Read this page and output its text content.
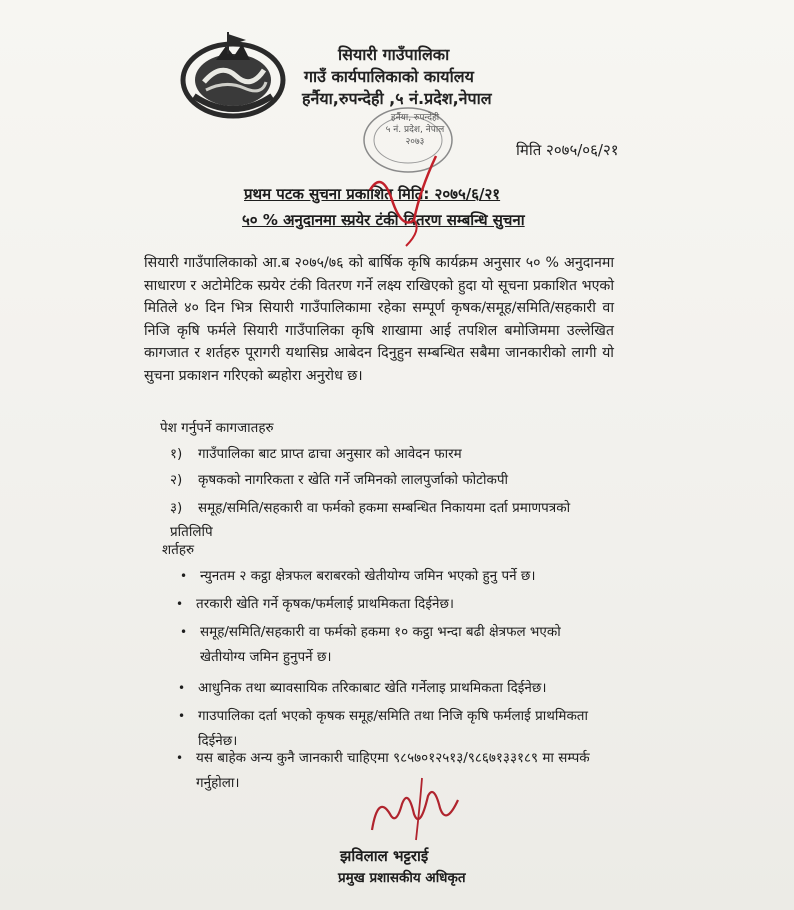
सियारी गाउँपालिका
गाउँ कार्यपालिकाको कार्यालय
हर्नैया,रुपन्देही ,५ नं.प्रदेश,नेपाल
हर्नैया, रुपन्देही
५ नं. प्रदेश, नेपाल
२०७३	मिति २०७५/०६/२१
प्रथम पटक सुचना प्रकाशित मिति: २०७५/६/२१
५० % अनुदानमा स्प्रयेर टंकी वितरण सम्बन्धि सुचना
सियारी गाउँपालिकाको आ.ब २०७५/७६ को बार्षिक कृषि कार्यक्रम अनुसार ५० % अनुदानमा साधारण र अटोमेटिक स्प्रयेर टंकी वितरण गर्ने लक्ष्य राखिएको हुदा यो सूचना प्रकाशित भएको मितिले ४० दिन भित्र सियारी गाउँपालिकामा रहेका सम्पूर्ण कृषक/समूह/समिति/सहकारी वा निजि कृषि फर्मले सियारी गाउँपालिका कृषि शाखामा आई तपशिल बमोजिममा उल्लेखित कागजात र शर्तहरु पूरागरी यथासिघ्र आबेदन दिनुहुन सम्बन्धित सबैमा जानकारीको लागी यो सुचना प्रकाशन गरिएको ब्यहोरा अनुरोध छ।
पेश गर्नुपर्ने कागजातहरु
१) गाउँपालिका बाट प्राप्त ढाचा अनुसार को आवेदन फारम
२) कृषकको नागरिकता र खेति गर्ने जमिनको लालपुर्जाको फोटोकपी
३) समूह/समिति/सहकारी वा फर्मको हकमा सम्बन्धित निकायमा दर्ता प्रमाणपत्रको प्रतिलिपि
शर्तहरु
• न्युनतम २ कट्ठा क्षेत्रफल बराबरको खेतीयोग्य जमिन भएको हुनु पर्ने छ।
• तरकारी खेति गर्ने कृषक/फर्मलाई प्राथमिकता दिईनेछ।
• समूह/समिति/सहकारी वा फर्मको हकमा १० कट्ठा भन्दा बढी क्षेत्रफल भएको खेतीयोग्य जमिन हुनुपर्ने छ।
• आधुनिक तथा ब्यावसायिक तरिकाबाट खेति गर्नेलाइ प्राथमिकता दिईनेछ।
• गाउपालिका दर्ता भएको कृषक समूह/समिति तथा निजि कृषि फर्मलाई प्राथमिकता दिईनेछ।
• यस बाहेक अन्य कुनै जानकारी चाहिएमा ९८५७०१२५१३/९८६७१३३१८९ मा सम्पर्क गर्नुहोला।
झविलाल भट्टराई
प्रमुख प्रशासकीय अधिकृत
